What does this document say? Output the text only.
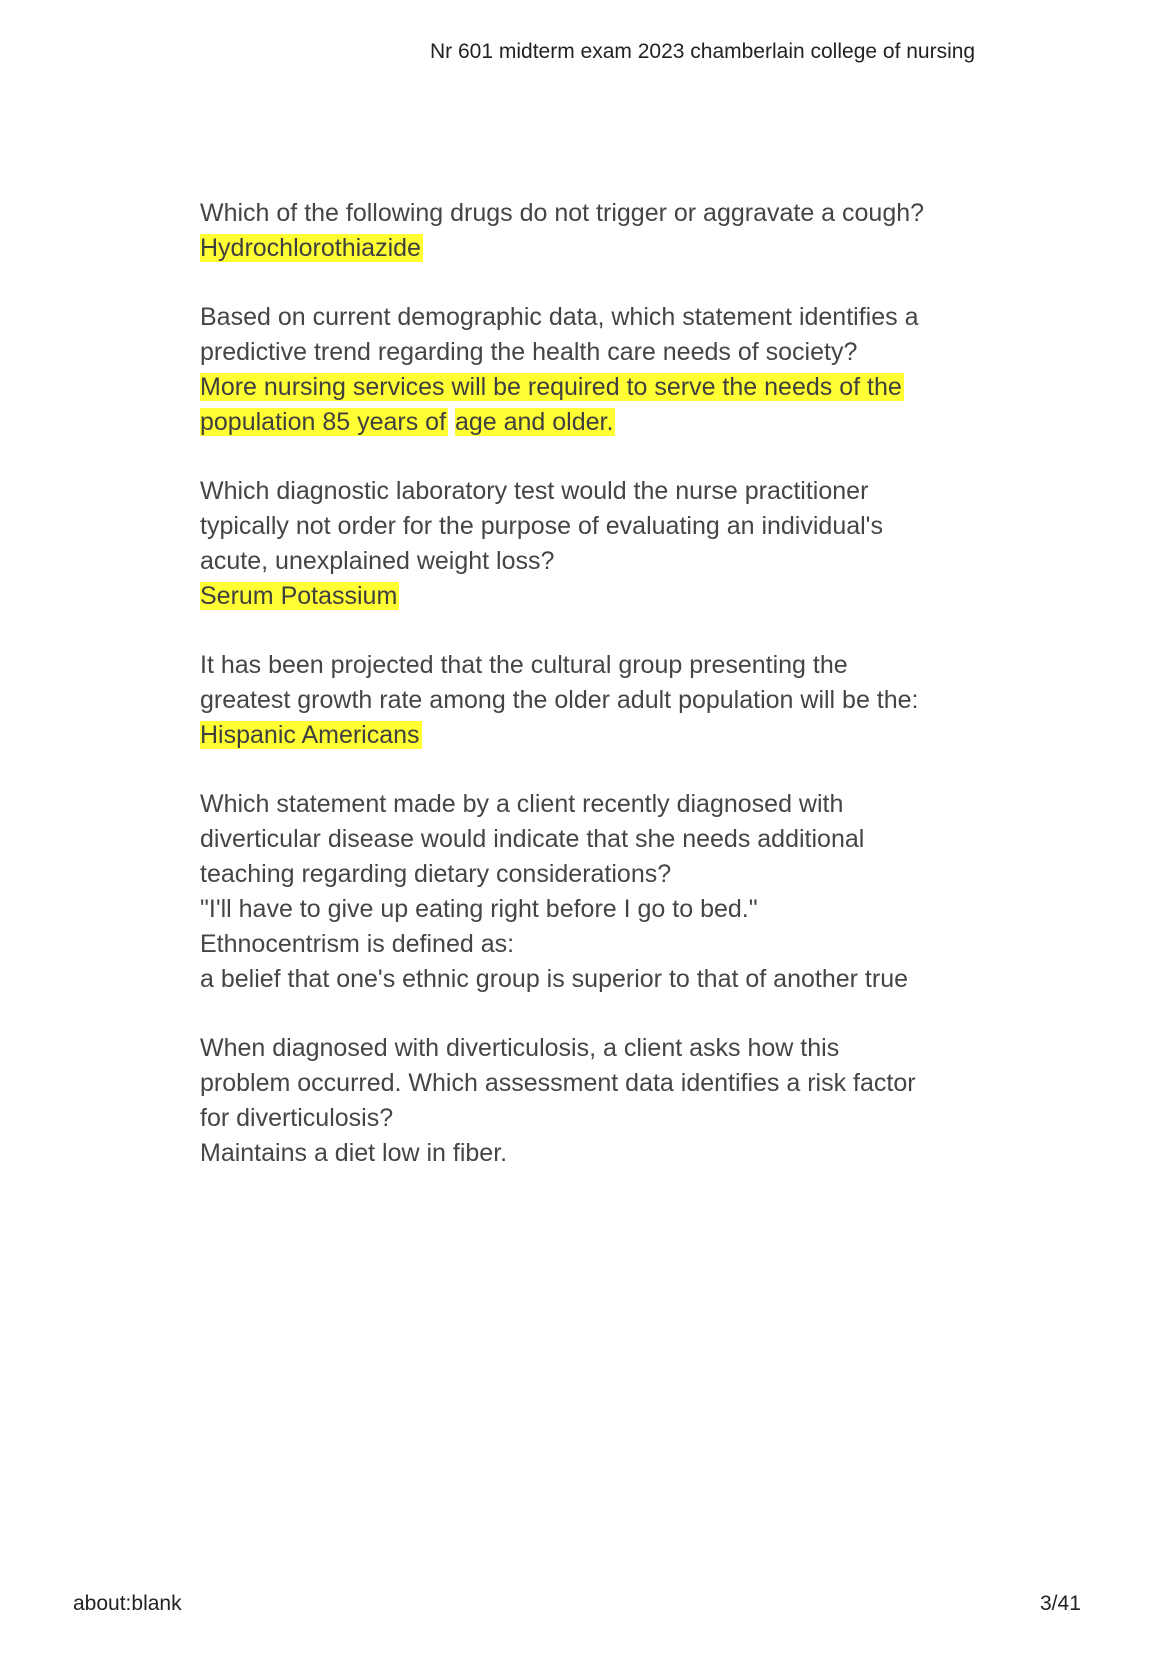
Nr 601 midterm exam 2023 chamberlain college of nursing
Which of the following drugs do not trigger or aggravate a cough?
Hydrochlorothiazide
Based on current demographic data, which statement identifies a
predictive trend regarding the health care needs of society?
More nursing services will be required to serve the needs of the
population 85 years of age and older.
Which diagnostic laboratory test would the nurse practitioner
typically not order for the purpose of evaluating an individual's
acute, unexplained weight loss?
Serum Potassium
It has been projected that the cultural group presenting the
greatest growth rate among the older adult population will be the:
Hispanic Americans
Which statement made by a client recently diagnosed with
diverticular disease would indicate that she needs additional
teaching regarding dietary considerations?
"I'll have to give up eating right before I go to bed."
Ethnocentrism is defined as:
a belief that one's ethnic group is superior to that of another true
When diagnosed with diverticulosis, a client asks how this
problem occurred. Which assessment data identifies a risk factor
for diverticulosis?
Maintains a diet low in fiber.
about:blank	3/41
